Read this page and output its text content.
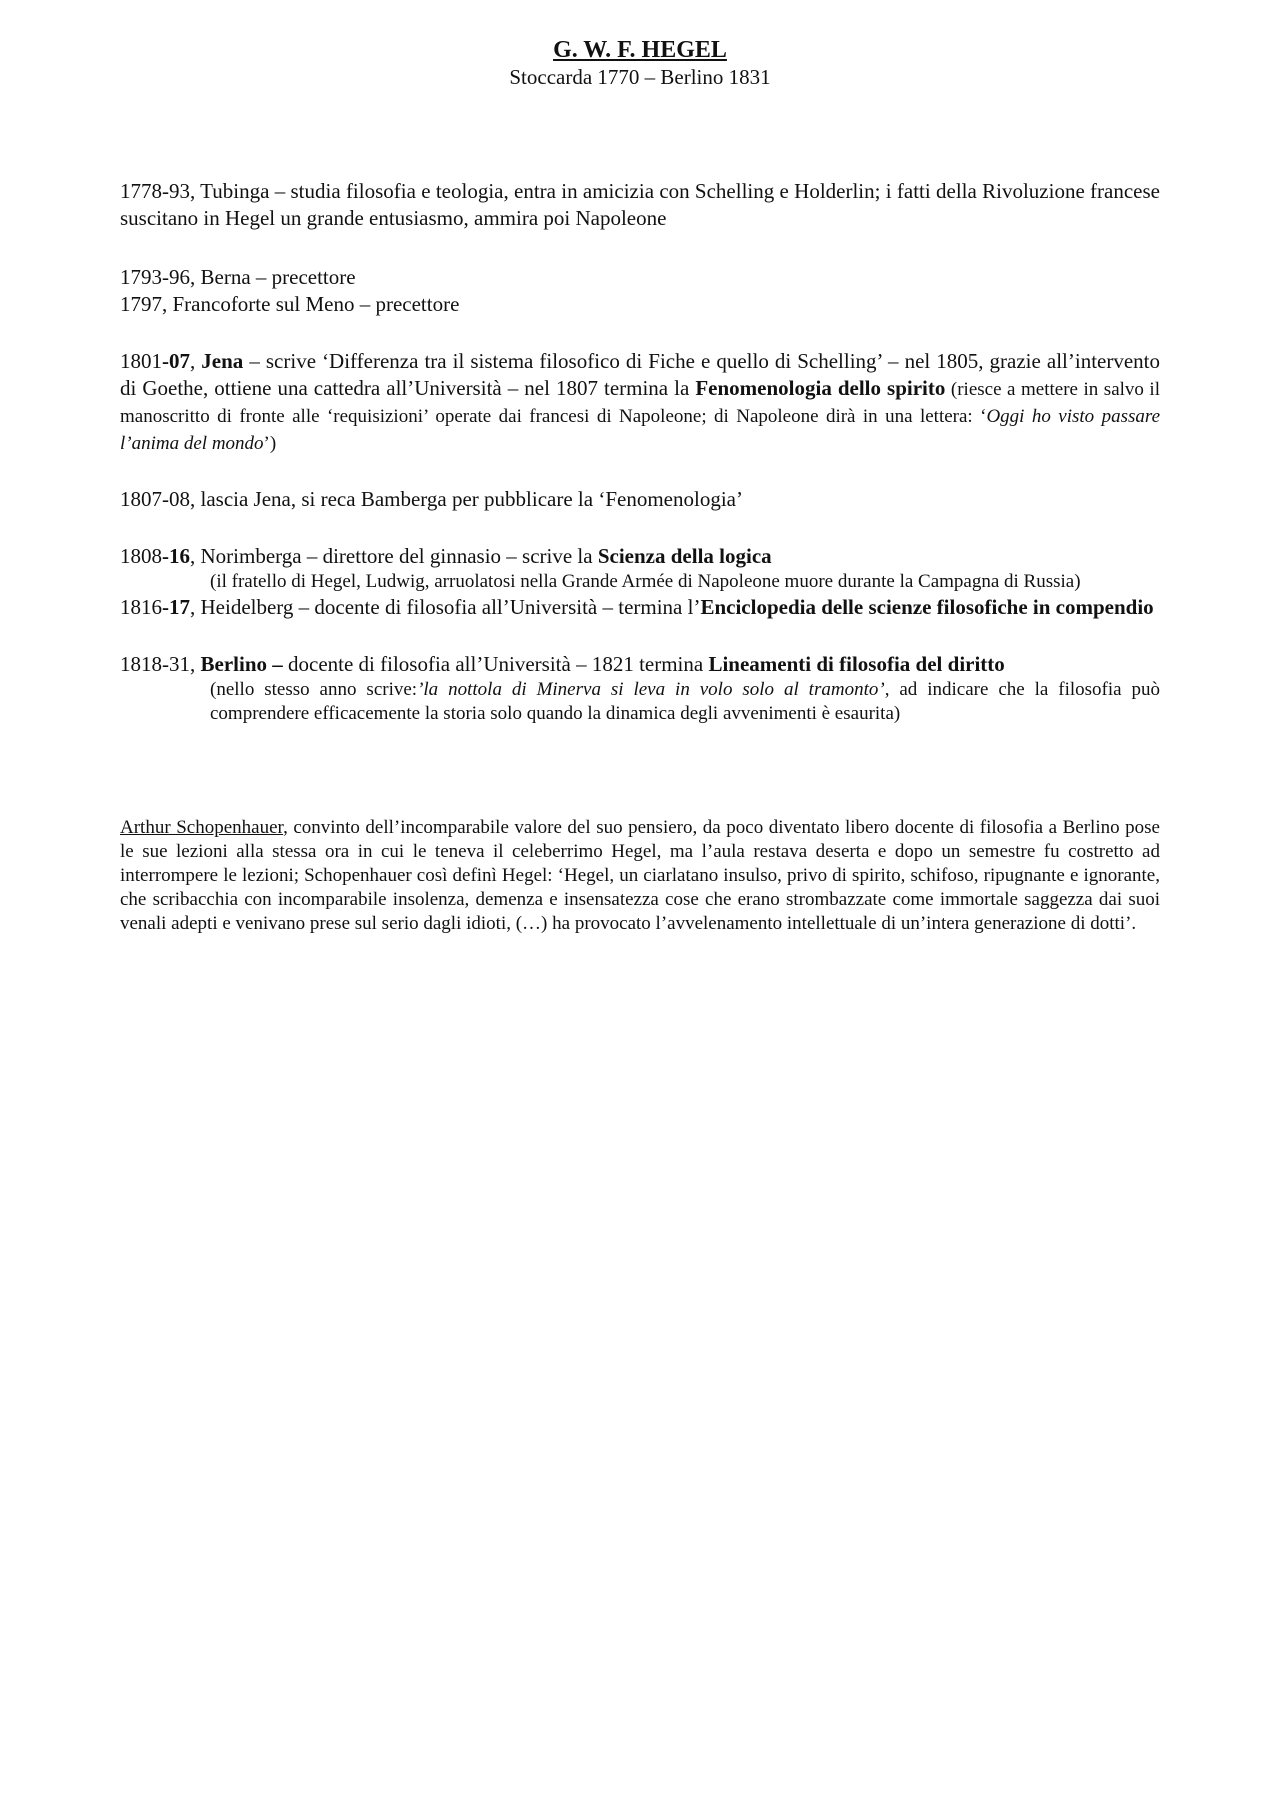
G. W. F. HEGEL
Stoccarda 1770 – Berlino 1831

1778-93, Tubinga – studia filosofia e teologia, entra in amicizia con Schelling e Holderlin; i fatti della Rivoluzione francese suscitano in Hegel un grande entusiasmo, ammira poi Napoleone

1793-96, Berna – precettore

1797, Francoforte sul Meno – precettore

1801-07, Jena – scrive ‘Differenza tra il sistema filosofico di Fiche e quello di Schelling’ – nel 1805, grazie all’intervento di Goethe, ottiene una cattedra all’Università – nel 1807 termina la Fenomenologia dello spirito (riesce a mettere in salvo il manoscritto di fronte alle ‘requisizioni’ operate dai francesi di Napoleone; di Napoleone dirà in una lettera: ‘Oggi ho visto passare l’anima del mondo’)

1807-08, lascia Jena, si reca Bamberga per pubblicare la ‘Fenomenologia’

1808-16, Norimberga – direttore del ginnasio – scrive la Scienza della logica

(il fratello di Hegel, Ludwig, arruolatosi nella Grande Armée di Napoleone muore durante la Campagna di Russia)

1816-17, Heidelberg – docente di filosofia all’Università – termina l’Enciclopedia delle scienze filosofiche in compendio

1818-31, Berlino – docente di filosofia all’Università – 1821 termina Lineamenti di filosofia del diritto

(nello stesso anno scrive:’la nottola di Minerva si leva in volo solo al tramonto’, ad indicare che la filosofia può comprendere efficacemente la storia solo quando la dinamica degli avvenimenti è esaurita)

Arthur Schopenhauer, convinto dell’incomparabile valore del suo pensiero, da poco diventato libero docente di filosofia a Berlino pose le sue lezioni alla stessa ora in cui le teneva il celeberrimo Hegel, ma l’aula restava deserta e dopo un semestre fu costretto ad interrompere le lezioni; Schopenhauer così definì Hegel: ‘Hegel, un ciarlatano insulso, privo di spirito, schifoso, ripugnante e ignorante, che scribacchia con incomparabile insolenza, demenza e insensatezza cose che erano strombazzate come immortale saggezza dai suoi venali adepti e venivano prese sul serio dagli idioti, (…) ha provocato l’avvelenamento intellettuale di un’intera generazione di dotti’.
